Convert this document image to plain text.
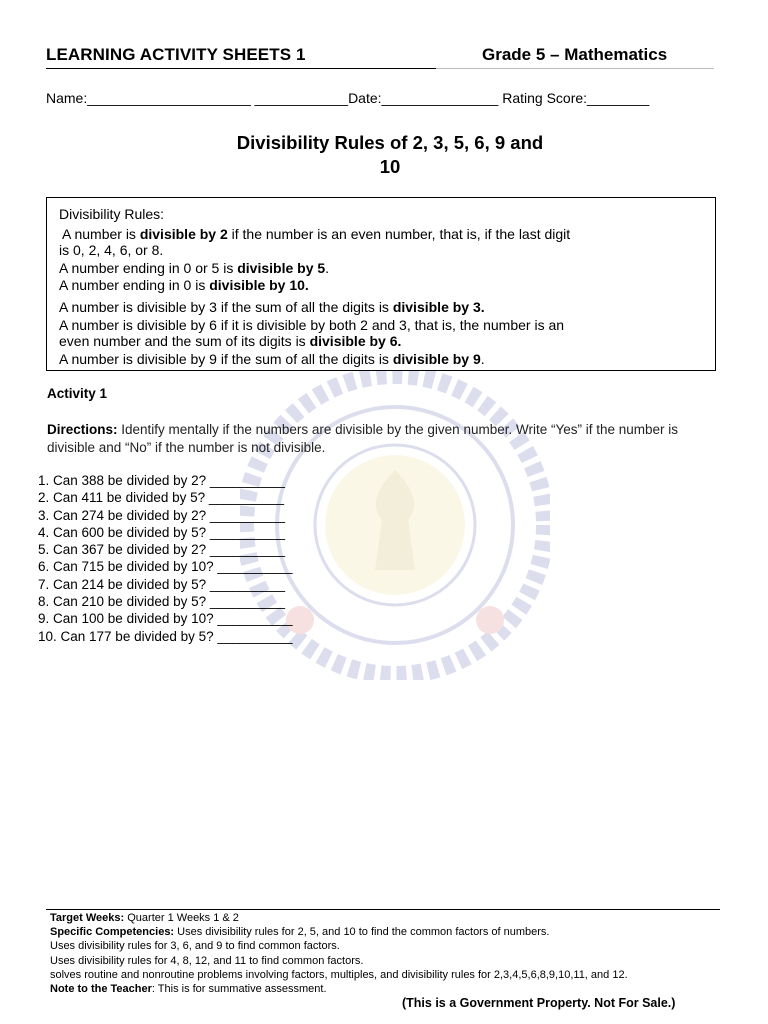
LEARNING ACTIVITY SHEETS 1	Grade 5 – Mathematics
Name:_____________________ ____________Date:_______________ Rating Score:________
Divisibility Rules of 2, 3, 5, 6, 9 and
10
Divisibility Rules:
A number is divisible by 2 if the number is an even number, that is, if the last digit
is 0, 2, 4, 6, or 8.
A number ending in 0 or 5 is divisible by 5.
A number ending in 0 is divisible by 10.
A number is divisible by 3 if the sum of all the digits is divisible by 3.
A number is divisible by 6 if it is divisible by both 2 and 3, that is, the number is an
even number and the sum of its digits is divisible by 6.
A number is divisible by 9 if the sum of all the digits is divisible by 9.
Activity 1
Directions: Identify mentally if the numbers are divisible by the given number. Write “Yes” if the number is divisible and “No” if the number is not divisible.
1. Can 388 be divided by 2? __________
2. Can 411 be divided by 5? __________
3. Can 274 be divided by 2? __________
4. Can 600 be divided by 5? __________
5. Can 367 be divided by 2? __________
6. Can 715 be divided by 10? __________
7. Can 214 be divided by 5? __________
8. Can 210 be divided by 5? __________
9. Can 100 be divided by 10? __________
10. Can 177 be divided by 5? __________
Target Weeks: Quarter 1 Weeks 1 & 2
Specific Competencies: Uses divisibility rules for 2, 5, and 10 to find the common factors of numbers.
Uses divisibility rules for 3, 6, and 9 to find common factors.
Uses divisibility rules for 4, 8, 12, and 11 to find common factors.
solves routine and nonroutine problems involving factors, multiples, and divisibility rules for 2,3,4,5,6,8,9,10,11, and 12.
Note to the Teacher: This is for summative assessment.
(This is a Government Property. Not For Sale.)
